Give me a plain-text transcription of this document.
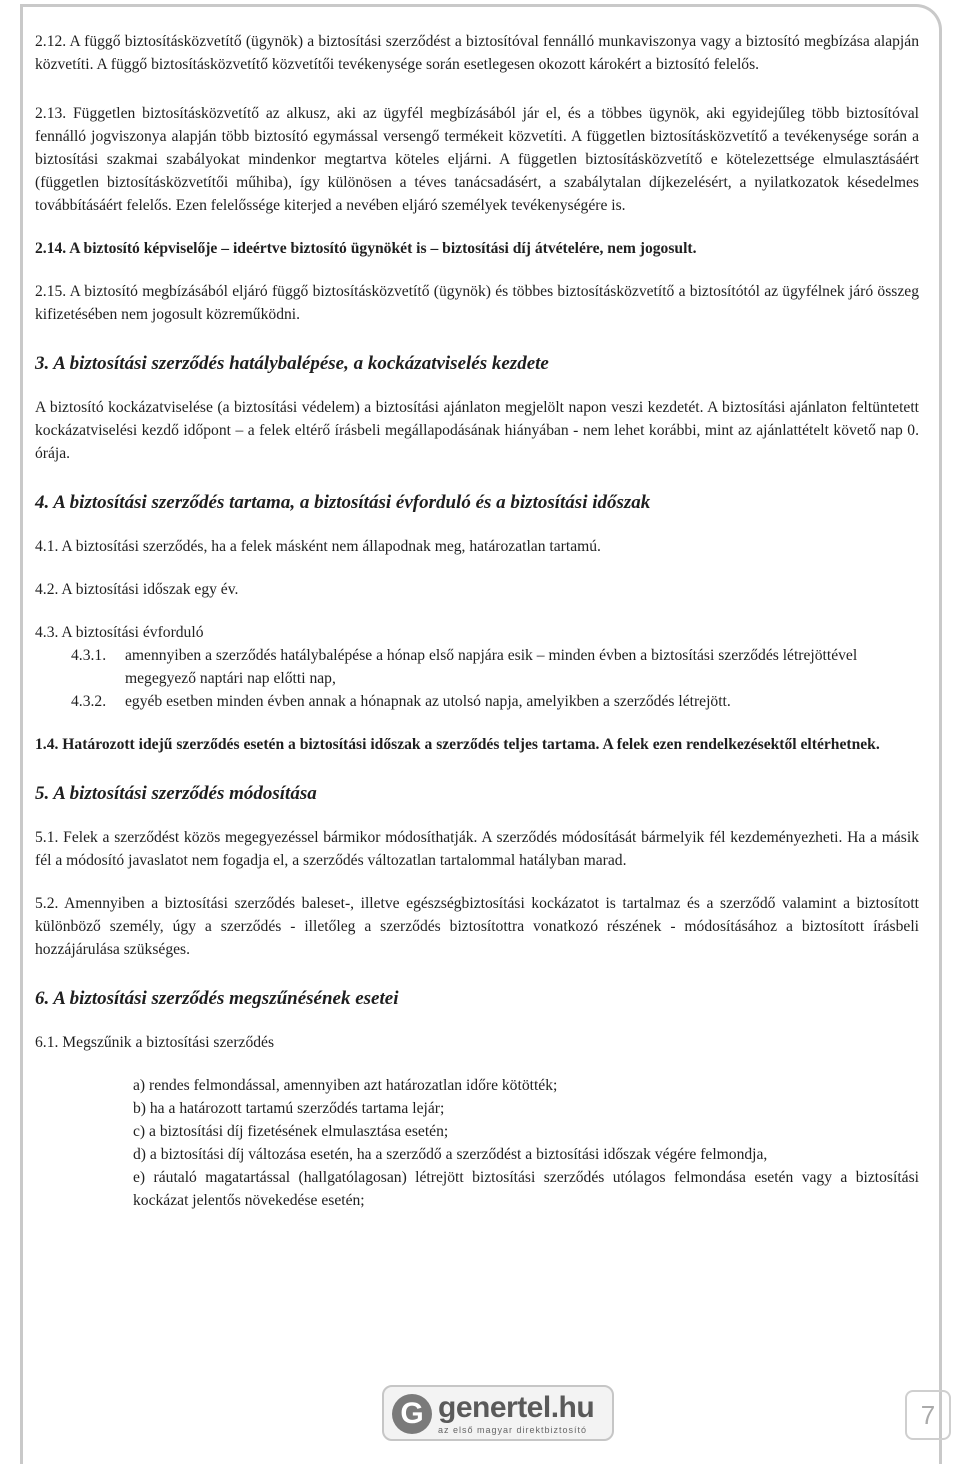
2.12. A függő biztosításközvetítő (ügynök) a biztosítási szerződést a biztosítóval fennálló munkaviszonya vagy a biztosító megbízása alapján közvetíti. A függő biztosításközvetítő közvetítői tevékenysége során esetlegesen okozott károkért a biztosító felelős.

2.13. Független biztosításközvetítő az alkusz, aki az ügyfél megbízásából jár el, és a többes ügynök, aki egyidejűleg több biztosítóval fennálló jogviszonya alapján több biztosító egymással versengő termékeit közvetíti. A független biztosításközvetítő a tevékenysége során a biztosítási szakmai szabályokat mindenkor megtartva köteles eljárni. A független biztosításközvetítő e kötelezettsége elmulasztásáért (független biztosításközvetítői műhiba), így különösen a téves tanácsadásért, a szabálytalan díjkezelésért, a nyilatkozatok késedelmes továbbításáért felelős. Ezen felelőssége kiterjed a nevében eljáró személyek tevékenységére is.

2.14. A biztosító képviselője – ideértve biztosító ügynökét is – biztosítási díj átvételére, nem jogosult.

2.15. A biztosító megbízásából eljáró függő biztosításközvetítő (ügynök) és többes biztosításközvetítő a biztosítótól az ügyfélnek járó összeg kifizetésében nem jogosult közreműködni.

3. A biztosítási szerződés hatálybalépése, a kockázatviselés kezdete

A biztosító kockázatviselése (a biztosítási védelem) a biztosítási ajánlaton megjelölt napon veszi kezdetét. A biztosítási ajánlaton feltüntetett kockázatviselési kezdő időpont – a felek eltérő írásbeli megállapodásának hiányában - nem lehet korábbi, mint az ajánlattételt követő nap 0. órája.

4. A biztosítási szerződés tartama, a biztosítási évforduló és a biztosítási időszak

4.1. A biztosítási szerződés, ha a felek másként nem állapodnak meg, határozatlan tartamú.

4.2. A biztosítási időszak egy év.

4.3. A biztosítási évforduló

4.3.1.	amennyiben a szerződés hatálybalépése a hónap első napjára esik – minden évben a biztosítási szerződés létrejöttével megegyező naptári nap előtti nap,
4.3.2.	egyéb esetben minden évben annak a hónapnak az utolsó napja, amelyikben a szerződés létrejött.

1.4. Határozott idejű szerződés esetén a biztosítási időszak a szerződés teljes tartama. A felek ezen rendelkezésektől eltérhetnek.

5. A biztosítási szerződés módosítása

5.1. Felek a szerződést közös megegyezéssel bármikor módosíthatják. A szerződés módosítását bármelyik fél kezdeményezheti. Ha a másik fél a módosító javaslatot nem fogadja el, a szerződés változatlan tartalommal hatályban marad.

5.2. Amennyiben a biztosítási szerződés baleset-, illetve egészségbiztosítási kockázatot is tartalmaz és a szerződő valamint a biztosított különböző személy, úgy a szerződés - illetőleg a szerződés biztosítottra vonatkozó részének - módosításához a biztosított írásbeli hozzájárulása szükséges.

6. A biztosítási szerződés megszűnésének esetei

6.1. Megszűnik a biztosítási szerződés

a) rendes felmondással, amennyiben azt határozatlan időre kötötték;

b) ha a határozott tartamú szerződés tartama lejár;

c) a biztosítási díj fizetésének elmulasztása esetén;

d) a biztosítási díj változása esetén, ha a szerződő a szerződést a biztosítási időszak végére felmondja,

e) ráutaló magatartással (hallgatólagosan) létrejött biztosítási szerződés utólagos felmondása esetén vagy a biztosítási kockázat jelentős növekedése esetén;

G genertel.hu
az első magyar direktbiztosító	7
